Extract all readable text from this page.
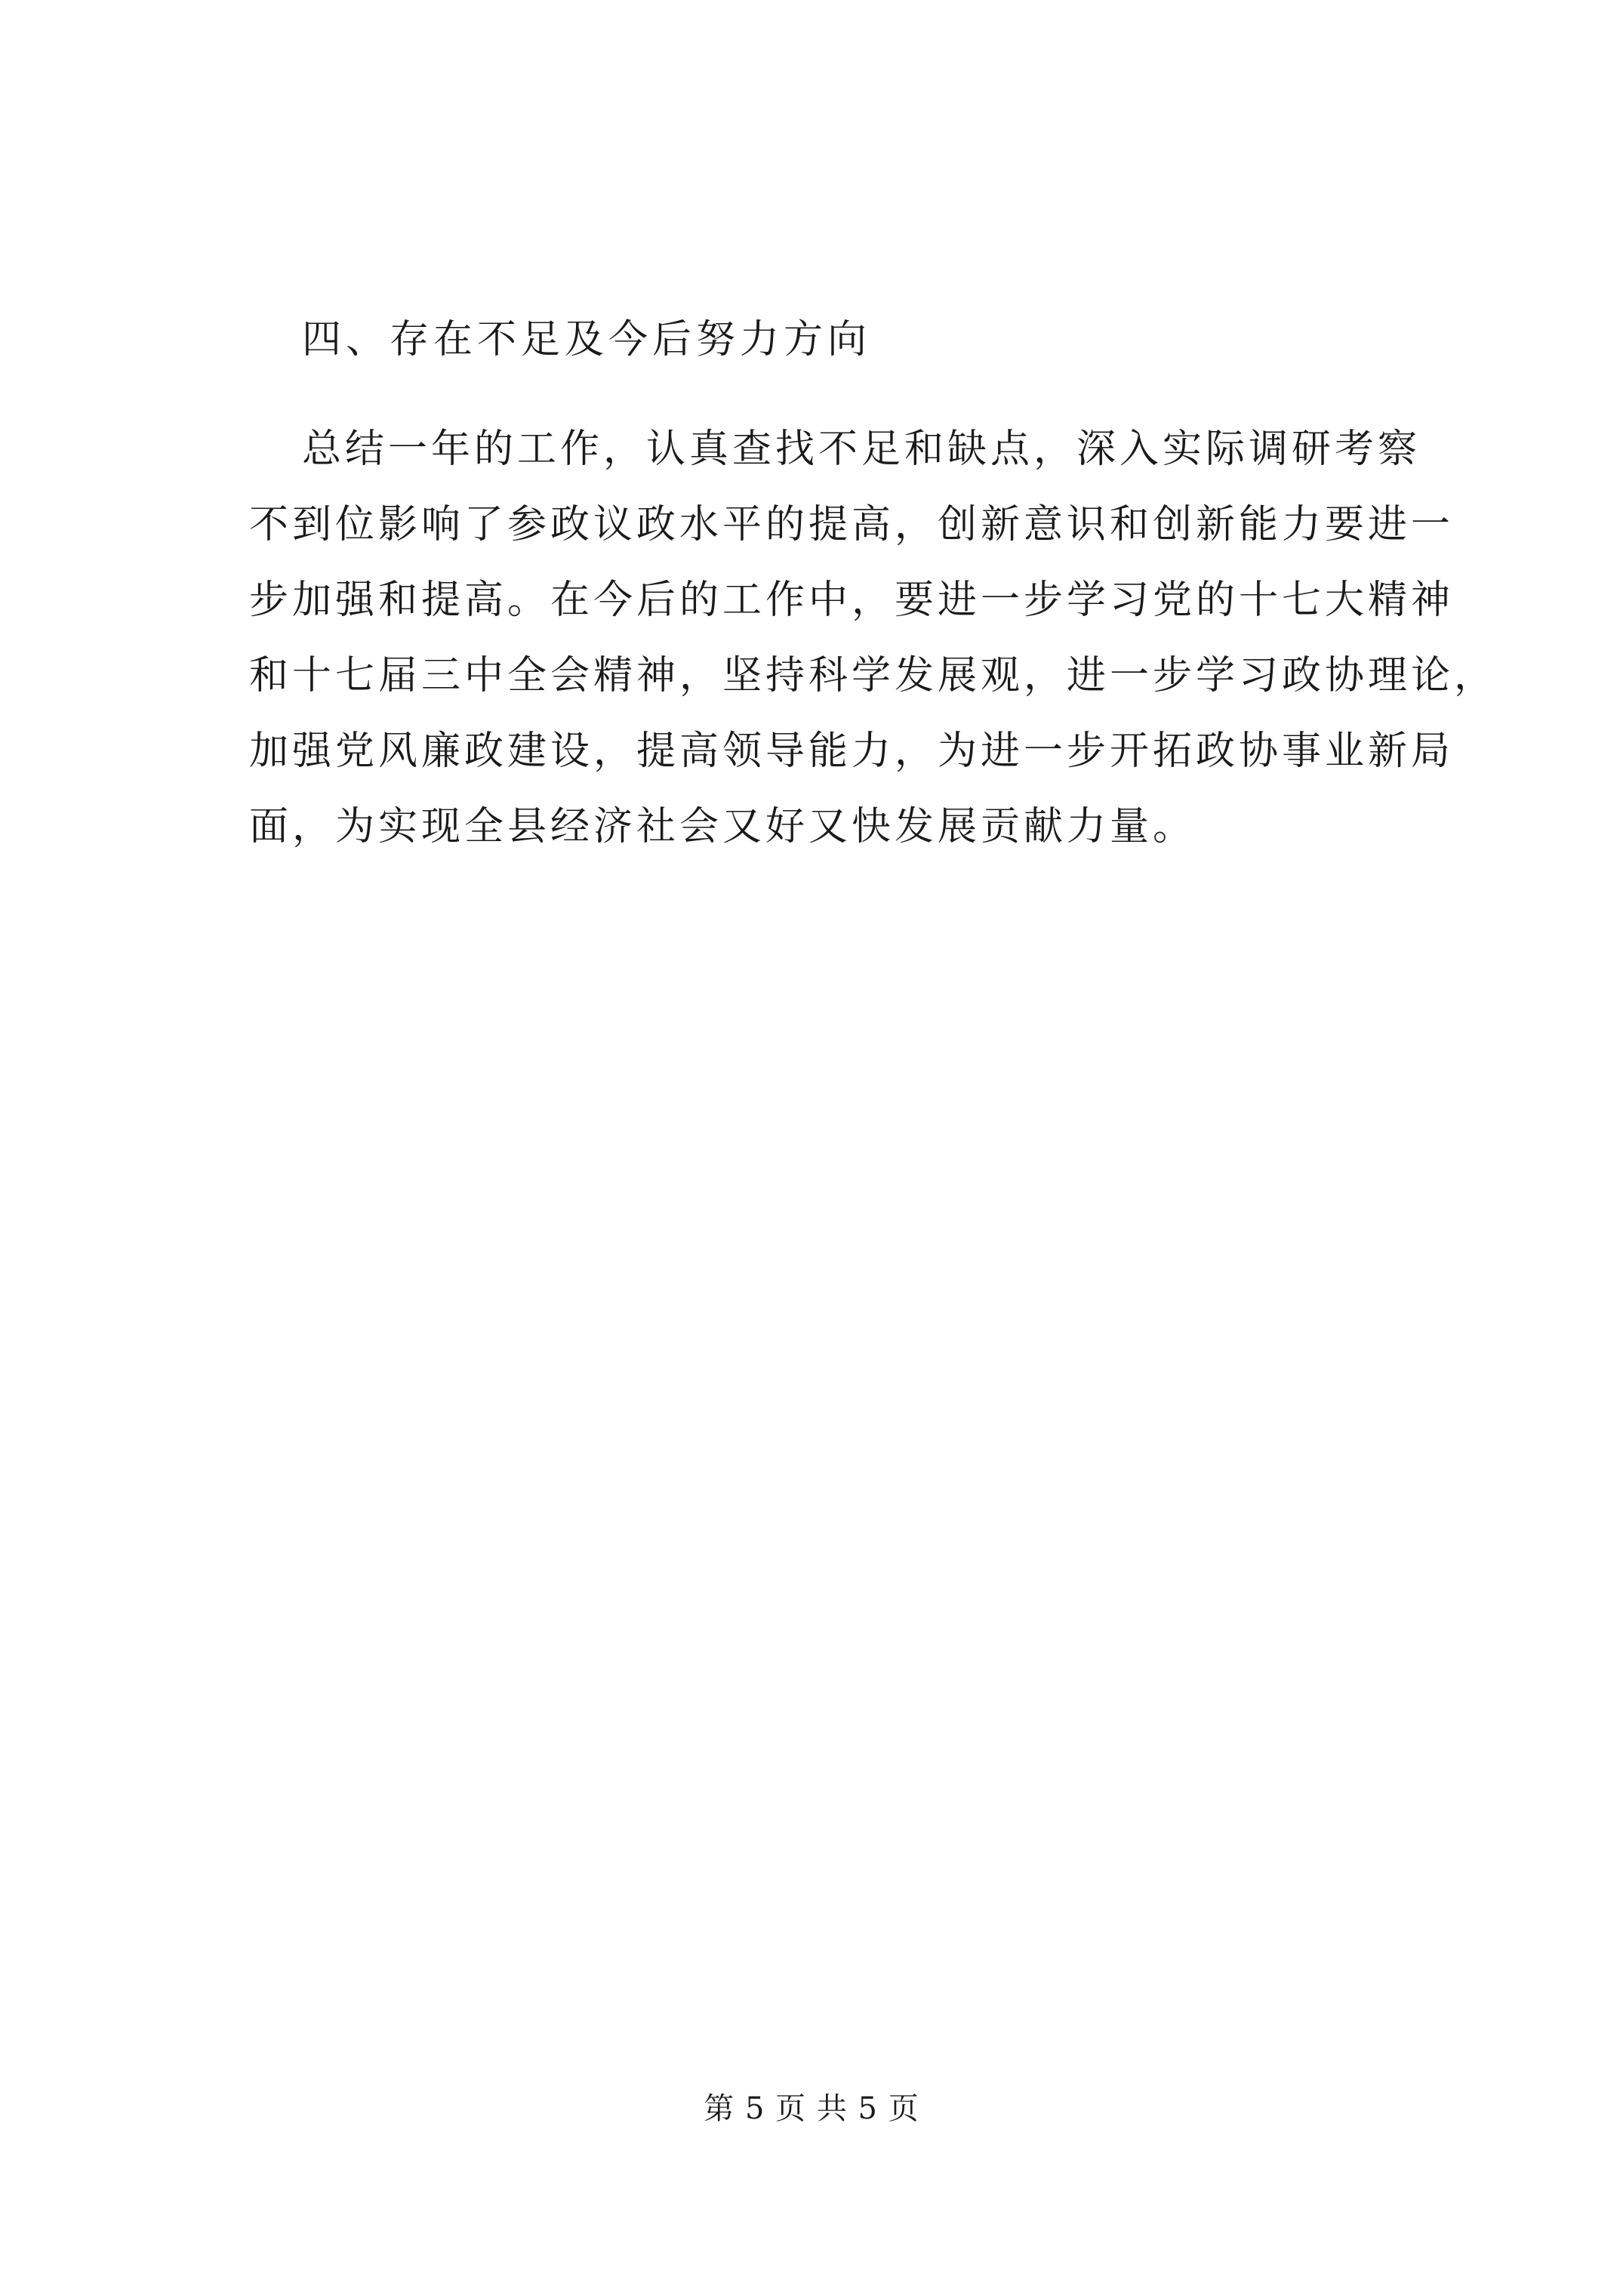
四、存在不足及今后努力方向
总结一年的工作，认真查找不足和缺点，深入实际调研考察
不到位影响了参政议政水平的提高，创新意识和创新能力要进一
步加强和提高。在今后的工作中，要进一步学习党的十七大精神
和十七届三中全会精神，坚持科学发展观，进一步学习政协理论，
加强党风廉政建设，提高领导能力，为进一步开拓政协事业新局
面，为实现全县经济社会又好又快发展贡献力量。
第 5 页 共 5 页
